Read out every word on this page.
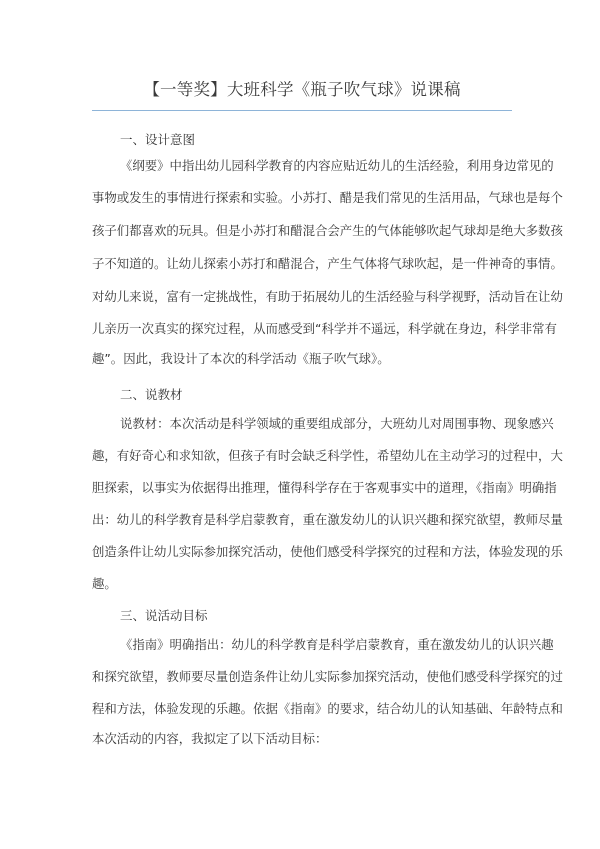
【一等奖】大班科学《瓶子吹气球》说课稿
一、设计意图
《纲要》中指出幼儿园科学教育的内容应贴近幼儿的生活经验，利用身边常见的
事物或发生的事情进行探索和实验。小苏打、醋是我们常见的生活用品，气球也是每个
孩子们都喜欢的玩具。但是小苏打和醋混合会产生的气体能够吹起气球却是绝大多数孩
子不知道的。让幼儿探索小苏打和醋混合，产生气体将气球吹起，是一件神奇的事情。
对幼儿来说，富有一定挑战性，有助于拓展幼儿的生活经验与科学视野，活动旨在让幼
儿亲历一次真实的探究过程，从而感受到“科学并不遥远，科学就在身边，科学非常有
趣”。因此，我设计了本次的科学活动《瓶子吹气球》。
二、说教材
说教材：本次活动是科学领域的重要组成部分，大班幼儿对周围事物、现象感兴
趣，有好奇心和求知欲，但孩子有时会缺乏科学性，希望幼儿在主动学习的过程中，大
胆探索，以事实为依据得出推理，懂得科学存在于客观事实中的道理，《指南》明确指
出：幼儿的科学教育是科学启蒙教育，重在激发幼儿的认识兴趣和探究欲望，教师尽量
创造条件让幼儿实际参加探究活动，使他们感受科学探究的过程和方法，体验发现的乐
趣。
三、说活动目标
《指南》明确指出：幼儿的科学教育是科学启蒙教育，重在激发幼儿的认识兴趣
和探究欲望，教师要尽量创造条件让幼儿实际参加探究活动，使他们感受科学探究的过
程和方法，体验发现的乐趣。依据《指南》的要求，结合幼儿的认知基础、年龄特点和
本次活动的内容，我拟定了以下活动目标：
